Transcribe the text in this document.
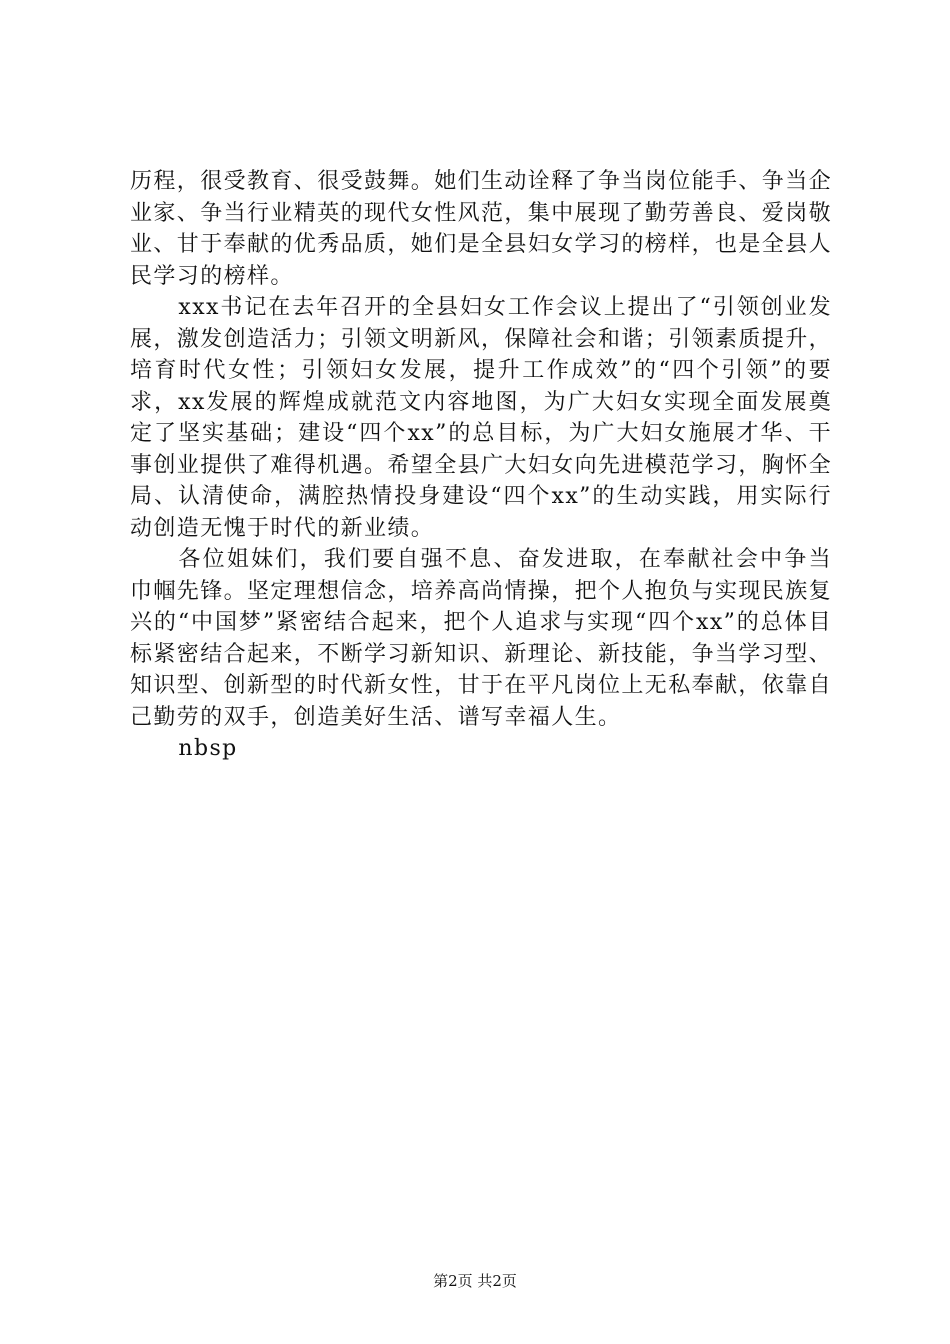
历程，很受教育、很受鼓舞。她们生动诠释了争当岗位能手、争当企业家、争当行业精英的现代女性风范，集中展现了勤劳善良、爱岗敬业、甘于奉献的优秀品质，她们是全县妇女学习的榜样，也是全县人民学习的榜样。

xxx书记在去年召开的全县妇女工作会议上提出了“引领创业发展，激发创造活力；引领文明新风，保障社会和谐；引领素质提升，培育时代女性；引领妇女发展，提升工作成效”的“四个引领”的要求，xx发展的辉煌成就范文内容地图，为广大妇女实现全面发展奠定了坚实基础；建设“四个xx”的总目标，为广大妇女施展才华、干事创业提供了难得机遇。希望全县广大妇女向先进模范学习，胸怀全局、认清使命，满腔热情投身建设“四个xx”的生动实践，用实际行动创造无愧于时代的新业绩。

各位姐妹们，我们要自强不息、奋发进取，在奉献社会中争当巾帼先锋。坚定理想信念，培养高尚情操，把个人抱负与实现民族复兴的“中国梦”紧密结合起来，把个人追求与实现“四个xx”的总体目标紧密结合起来，不断学习新知识、新理论、新技能，争当学习型、知识型、创新型的时代新女性，甘于在平凡岗位上无私奉献，依靠自己勤劳的双手，创造美好生活、谱写幸福人生。

nbsp

第2页 共2页
